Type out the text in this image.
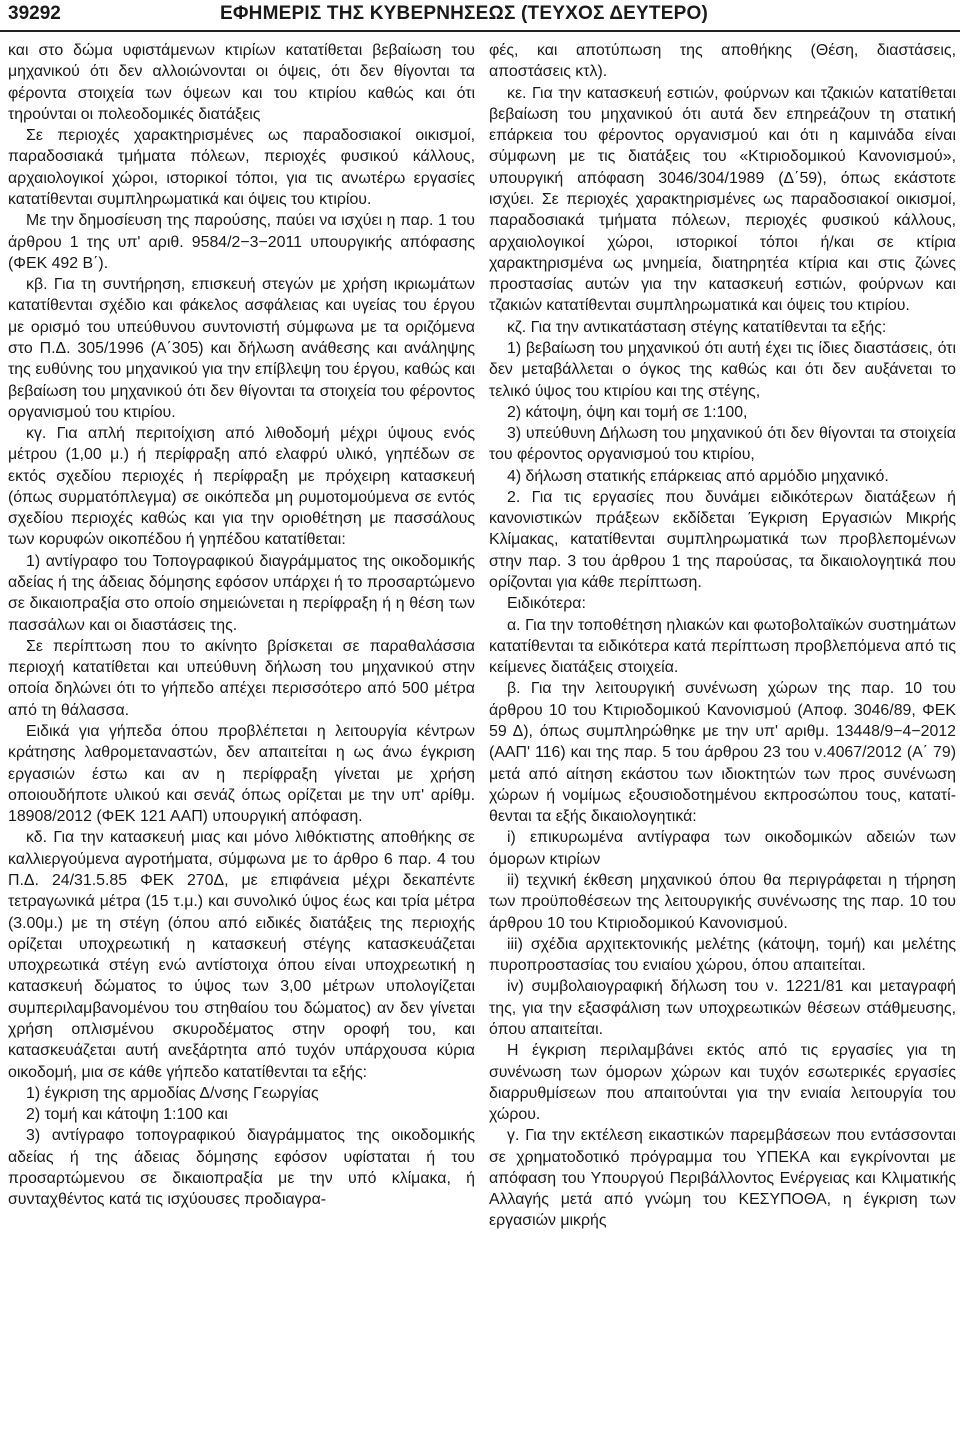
39292	ΕΦΗΜΕΡΙΣ ΤΗΣ ΚΥΒΕΡΝΗΣΕΩΣ (ΤΕΥΧΟΣ ΔΕΥΤΕΡΟ)

και στο δώμα υφιστάμενων κτιρίων κατατίθεται βεβαίωση του μηχανικού ότι δεν αλλοιώνονται οι όψεις, ότι δεν θίγονται τα φέροντα στοιχεία των όψεων και του κτιρίου καθώς και ότι τηρούνται οι πολεοδομικές διατάξεις

Σε περιοχές χαρακτηρισμένες ως παραδοσιακοί οικισμοί, παραδοσιακά τμήματα πόλεων, περιοχές φυσικού κάλλους, αρχαιολογικοί χώροι, ιστορικοί τόποι, για τις ανωτέρω εργασίες κατατίθενται συμπληρωματικά και όψεις του κτιρίου.

Με την δημοσίευση της παρούσης, παύει να ισχύει η παρ. 1 του άρθρου 1 της υπ' αριθ. 9584/2−3−2011 υπουργικής απόφασης (ΦΕΚ 492 Β΄).

κβ. Για τη συντήρηση, επισκευή στεγών με χρήση ικριωμάτων κατατίθενται σχέδιο και φάκελος ασφάλειας και υγείας του έργου με ορισμό του υπεύθυνου συντονιστή σύμφωνα με τα οριζόμενα στο Π.Δ. 305/1996 (Α΄305) και δήλωση ανάθεσης και ανάληψης της ευθύνης του μηχανικού για την επίβλεψη του έργου, καθώς και βεβαίωση του μηχανικού ότι δεν θίγονται τα στοιχεία του φέροντος οργανισμού του κτιρίου.

κγ. Για απλή περιτοίχιση από λιθοδομή μέχρι ύψους ενός μέτρου (1,00 μ.) ή περίφραξη από ελαφρύ υλικό, γηπέδων σε εκτός σχεδίου περιοχές ή περίφραξη με πρόχειρη κατασκευή (όπως συρματόπλεγμα) σε οικόπεδα μη ρυμοτομούμενα σε εντός σχεδίου περιοχές καθώς και για την οριοθέτηση με πασσάλους των κορυφών οικοπέδου ή γηπέδου κατατίθεται:

1) αντίγραφο του Τοπογραφικού διαγράμματος της οικοδομικής αδείας ή της άδειας δόμησης εφόσον υπάρχει ή το προσαρτώμενο σε δικαιοπραξία στο οποίο σημειώνεται η περίφραξη ή η θέση των πασσάλων και οι διαστάσεις της.

Σε περίπτωση που το ακίνητο βρίσκεται σε παραθαλάσσια περιοχή κατατίθεται και υπεύθυνη δήλωση του μηχανικού στην οποία δηλώνει ότι το γήπεδο απέχει περισσότερο από 500 μέτρα από τη θάλασσα.

Ειδικά για γήπεδα όπου προβλέπεται η λειτουργία κέντρων κράτησης λαθρομεταναστών, δεν απαιτείται η ως άνω έγκριση εργασιών έστω και αν η περίφραξη γίνεται με χρήση οποιουδήποτε υλικού και σενάζ όπως ορίζεται με την υπ' αρίθμ. 18908/2012 (ΦΕΚ 121 ΑΑΠ) υπουργική απόφαση.

κδ. Για την κατασκευή μιας και μόνο λιθόκτιστης αποθήκης σε καλλιεργούμενα αγροτήματα, σύμφωνα με το άρθρο 6 παρ. 4 του Π.Δ. 24/31.5.85 ΦΕΚ 270Δ, με επιφάνεια μέχρι δεκαπέντε τετραγωνικά μέτρα (15 τ.μ.) και συνολικό ύψος έως και τρία μέτρα (3.00μ.) με τη στέγη (όπου από ειδικές διατάξεις της περιοχής ορίζεται υποχρεωτική η κατασκευή στέγης κατασκευάζεται υποχρεωτικά στέγη ενώ αντίστοιχα όπου είναι υποχρεωτική η κατασκευή δώματος το ύψος των 3,00 μέτρων υπολογίζεται συμπεριλαμβανομένου του στηθαίου του δώματος) αν δεν γίνεται χρήση οπλισμένου σκυροδέματος στην οροφή του, και κατασκευάζεται αυτή ανεξάρτητα από τυχόν υπάρχουσα κύρια οικοδομή, μια σε κάθε γήπεδο κατατίθενται τα εξής:

1) έγκριση της αρμοδίας Δ/νσης Γεωργίας

2) τομή και κάτοψη 1:100 και

3) αντίγραφο τοπογραφικού διαγράμματος της οικοδομικής αδείας ή της άδειας δόμησης εφόσον υφίσταται ή του προσαρτώμενου σε δικαιοπραξία με την υπό κλίμακα, ή συνταχθέντος κατά τις ισχύουσες προδιαγρα-

φές, και αποτύπωση της αποθήκης (Θέση, διαστάσεις, αποστάσεις κτλ).

κε. Για την κατασκευή εστιών, φούρνων και τζακιών κατατίθεται βεβαίωση του μηχανικού ότι αυτά δεν επηρεάζουν τη στατική επάρκεια του φέροντος οργανισμού και ότι η καμινάδα είναι σύμφωνη με τις διατάξεις του «Κτιριοδομικού Κανονισμού», υπουργική απόφαση 3046/304/1989 (Δ΄59), όπως εκάστοτε ισχύει. Σε περιοχές χαρακτηρισμένες ως παραδοσιακοί οικισμοί, παραδοσιακά τμήματα πόλεων, περιοχές φυσικού κάλλους, αρχαιολογικοί χώροι, ιστορικοί τόποι ή/και σε κτίρια χαρακτηρισμένα ως μνημεία, διατηρητέα κτίρια και στις ζώνες προστασίας αυτών για την κατασκευή εστιών, φούρνων και τζακιών κατατίθενται συμπληρωματικά και όψεις του κτιρίου.

κζ. Για την αντικατάσταση στέγης κατατίθενται τα εξής:

1) βεβαίωση του μηχανικού ότι αυτή έχει τις ίδιες διαστάσεις, ότι δεν μεταβάλλεται ο όγκος της καθώς και ότι δεν αυξάνεται το τελικό ύψος του κτιρίου και της στέγης,

2) κάτοψη, όψη και τομή σε 1:100,

3) υπεύθυνη Δήλωση του μηχανικού ότι δεν θίγονται τα στοιχεία του φέροντος οργανισμού του κτιρίου,

4) δήλωση στατικής επάρκειας από αρμόδιο μηχανικό.

2. Για τις εργασίες που δυνάμει ειδικότερων διατάξεων ή κανονιστικών πράξεων εκδίδεται Έγκριση Εργασιών Μικρής Κλίμακας, κατατίθενται συμπληρωματικά των προβλεπομένων στην παρ. 3 του άρθρου 1 της παρούσας, τα δικαιολογητικά που ορίζονται για κάθε περίπτωση.

Ειδικότερα:

α. Για την τοποθέτηση ηλιακών και φωτοβολταϊκών συστημάτων κατατίθενται τα ειδικότερα κατά περίπτωση προβλεπόμενα από τις κείμενες διατάξεις στοιχεία.

β. Για την λειτουργική συνένωση χώρων της παρ. 10 του άρθρου 10 του Κτιριοδομικού Κανονισμού (Αποφ. 3046/89, ΦΕΚ 59 Δ), όπως συμπληρώθηκε με την υπ' αριθμ. 13448/9−4−2012 (ΑΑΠ' 116) και της παρ. 5 του άρθρου 23 του ν.4067/2012 (Α΄ 79) μετά από αίτηση εκάστου των ιδιοκτητών των προς συνένωση χώρων ή νομίμως εξουσιοδοτημένου εκπροσώπου τους, κατατίθενται τα εξής δικαιολογητικά:

i) επικυρωμένα αντίγραφα των οικοδομικών αδειών των όμορων κτιρίων

ii) τεχνική έκθεση μηχανικού όπου θα περιγράφεται η τήρηση των προϋποθέσεων της λειτουργικής συνένωσης της παρ. 10 του άρθρου 10 του Κτιριοδομικού Κανονισμού.

iii) σχέδια αρχιτεκτονικής μελέτης (κάτοψη, τομή) και μελέτης πυροπροστασίας του ενιαίου χώρου, όπου απαιτείται.

iv) συμβολαιογραφική δήλωση του ν. 1221/81 και μεταγραφή της, για την εξασφάλιση των υποχρεωτικών θέσεων στάθμευσης, όπου απαιτείται.

Η έγκριση περιλαμβάνει εκτός από τις εργασίες για τη συνένωση των όμορων χώρων και τυχόν εσωτερικές εργασίες διαρρυθμίσεων που απαιτούνται για την ενιαία λειτουργία του χώρου.

γ. Για την εκτέλεση εικαστικών παρεμβάσεων που εντάσσονται σε χρηματοδοτικό πρόγραμμα του ΥΠΕΚΑ και εγκρίνονται με απόφαση του Υπουργού Περιβάλλοντος Ενέργειας και Κλιματικής Αλλαγής μετά από γνώμη του ΚΕΣΥΠΟΘΑ, η έγκριση των εργασιών μικρής
